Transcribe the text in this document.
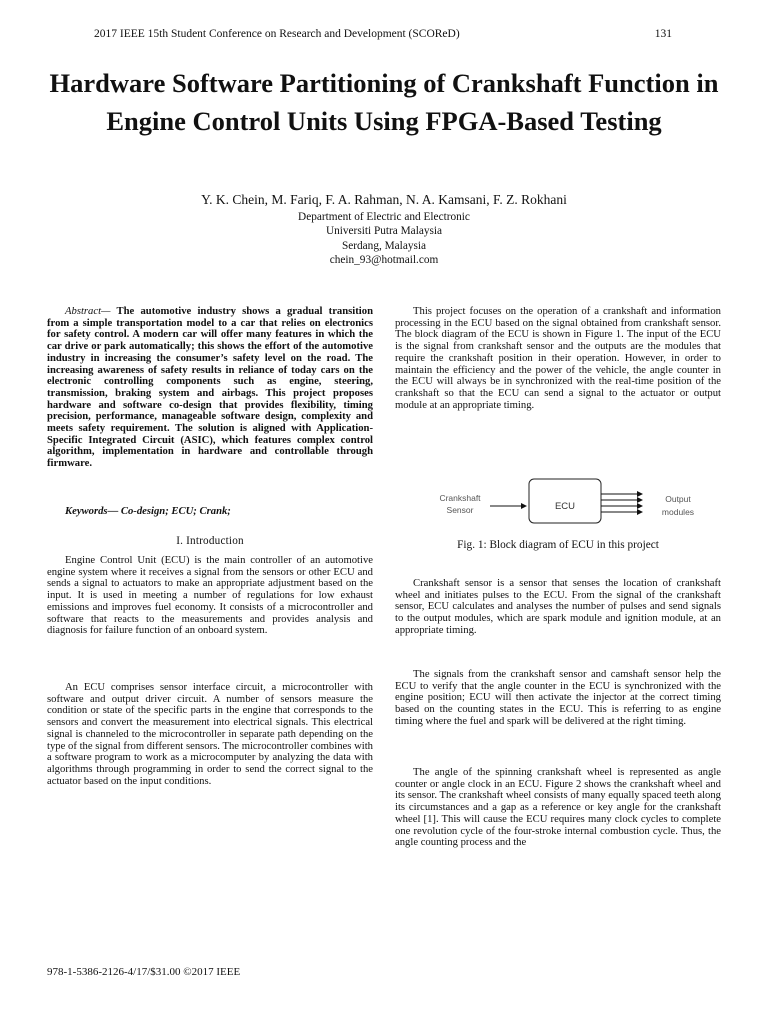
2017 IEEE 15th Student Conference on Research and Development (SCOReD)	131
Hardware Software Partitioning of Crankshaft Function in Engine Control Units Using FPGA-Based Testing
Y. K. Chein, M. Fariq, F. A. Rahman, N. A. Kamsani, F. Z. Rokhani
Department of Electric and Electronic
Universiti Putra Malaysia
Serdang, Malaysia
chein_93@hotmail.com

Abstract— The automotive industry shows a gradual transition from a simple transportation model to a car that relies on electronics for safety control. A modern car will offer many features in which the car drive or park automatically; this shows the effort of the automotive industry in increasing the consumer’s safety level on the road. The increasing awareness of safety results in reliance of today cars on the electronic controlling components such as engine, steering, transmission, braking system and airbags. This project proposes hardware and software co-design that provides flexibility, timing precision, performance, manageable software design, complexity and meets safety requirement. The solution is aligned with Application-Specific Integrated Circuit (ASIC), which features complex control algorithm, implementation in hardware and controllable through firmware.

Keywords— Co-design; ECU; Crank;

I. Introduction

Engine Control Unit (ECU) is the main controller of an automotive engine system where it receives a signal from the sensors or other ECU and sends a signal to actuators to make an appropriate adjustment based on the input. It is used in meeting a number of regulations for low exhaust emissions and improves fuel economy. It consists of a microcontroller and software that reacts to the measurements and provides analysis and diagnosis for failure function of an onboard system.

An ECU comprises sensor interface circuit, a microcontroller with software and output driver circuit. A number of sensors measure the condition or state of the specific parts in the engine that corresponds to the sensors and convert the measurement into electrical signals. This electrical signal is channeled to the microcontroller in separate path depending on the type of the signal from different sensors. The microcontroller combines with a software program to work as a microcomputer by analyzing the data with algorithms through programming in order to send the correct signal to the actuator based on the input conditions.

This project focuses on the operation of a crankshaft and information processing in the ECU based on the signal obtained from crankshaft sensor. The block diagram of the ECU is shown in Figure 1. The input of the ECU is the signal from crankshaft sensor and the outputs are the modules that require the crankshaft position in their operation. However, in order to maintain the efficiency and the power of the vehicle, the angle counter in the ECU will always be in synchronized with the real-time position of the crankshaft so that the ECU can send a signal to the actuator or output module at an appropriate timing.

Crankshaft
Sensor	ECU
Output
modules
Fig. 1: Block diagram of ECU in this project

Crankshaft sensor is a sensor that senses the location of crankshaft wheel and initiates pulses to the ECU. From the signal of the crankshaft sensor, ECU calculates and analyses the number of pulses and send signals to the output modules, which are spark module and ignition module, at an appropriate timing.

The signals from the crankshaft sensor and camshaft sensor help the ECU to verify that the angle counter in the ECU is synchronized with the engine position; ECU will then activate the injector at the correct timing based on the counting states in the ECU. This is referring to as engine timing where the fuel and spark will be delivered at the right timing.

The angle of the spinning crankshaft wheel is represented as angle counter or angle clock in an ECU. Figure 2 shows the crankshaft wheel and its sensor. The crankshaft wheel consists of many equally spaced teeth along its circumstances and a gap as a reference or key angle for the crankshaft wheel [1]. This will cause the ECU requires many clock cycles to complete one revolution cycle of the four-stroke internal combustion cycle. Thus, the angle counting process and the

978-1-5386-2126-4/17/$31.00 ©2017 IEEE
